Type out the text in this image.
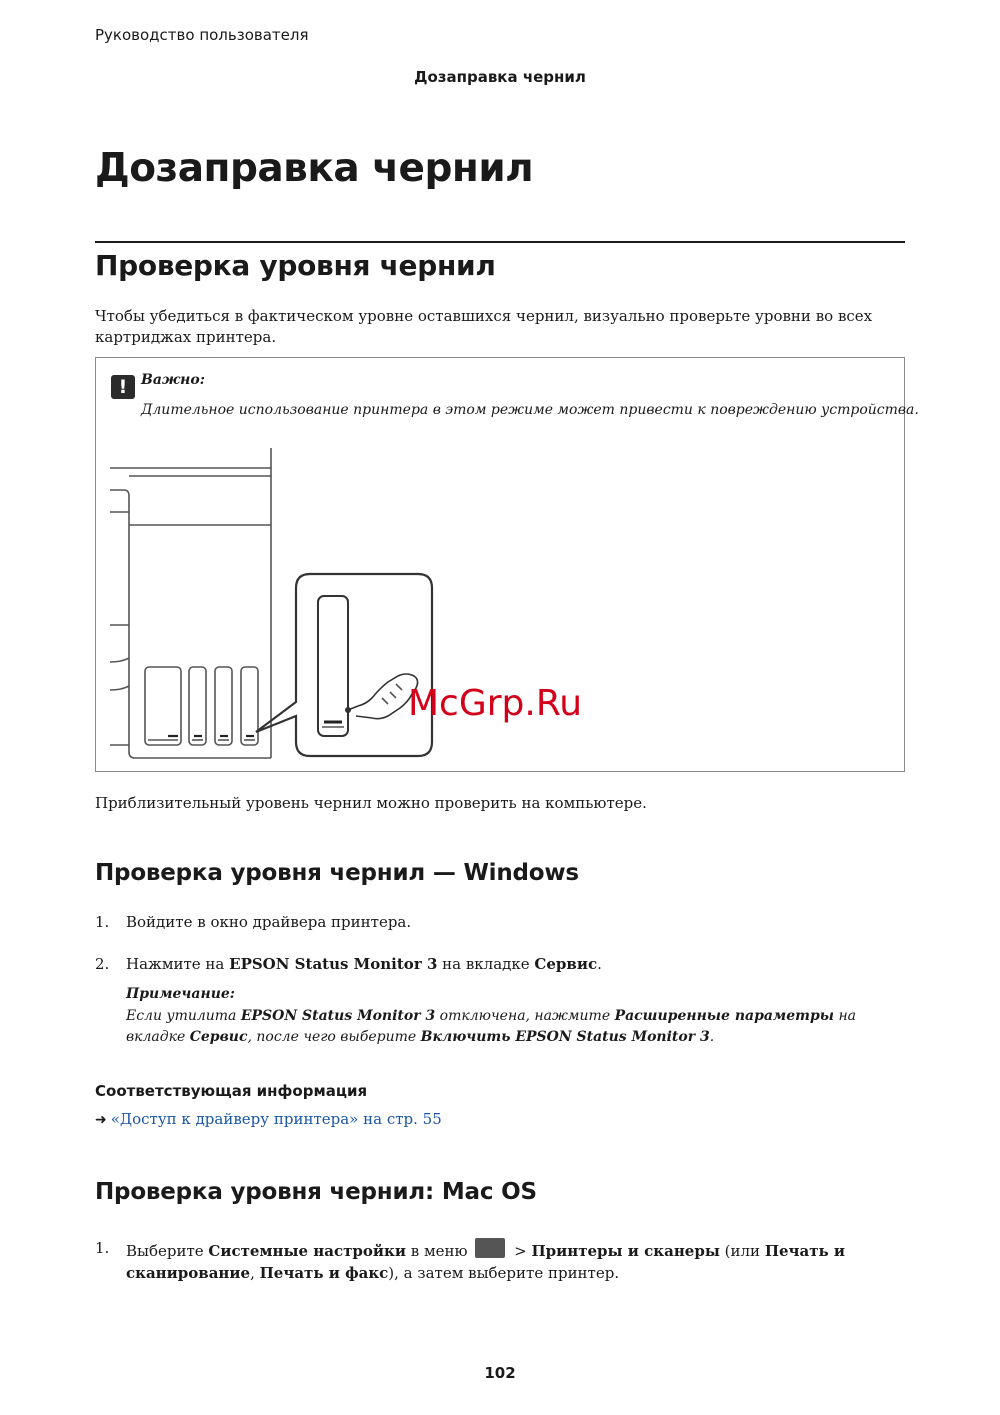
Руководство пользователя
Дозаправка чернил
Дозаправка чернил
Проверка уровня чернил
Чтобы убедиться в фактическом уровне оставшихся чернил, визуально проверьте уровни во всех картриджах принтера.
! Важно:
Длительное использование принтера в этом режиме может привести к повреждению устройства.
McGrp.Ru
Приблизительный уровень чернил можно проверить на компьютере.
Проверка уровня чернил — Windows
1. Войдите в окно драйвера принтера.
2. Нажмите на EPSON Status Monitor 3 на вкладке Сервис.
Примечание:
Если утилита EPSON Status Monitor 3 отключена, нажмите Расширенные параметры на вкладке Сервис, после чего выберите Включить EPSON Status Monitor 3.
Соответствующая информация
➜ «Доступ к драйверу принтера» на стр. 55
Проверка уровня чернил: Mac OS
1. Выберите Системные настройки в меню  > Принтеры и сканеры (или Печать и сканирование, Печать и факс), а затем выберите принтер.
102
